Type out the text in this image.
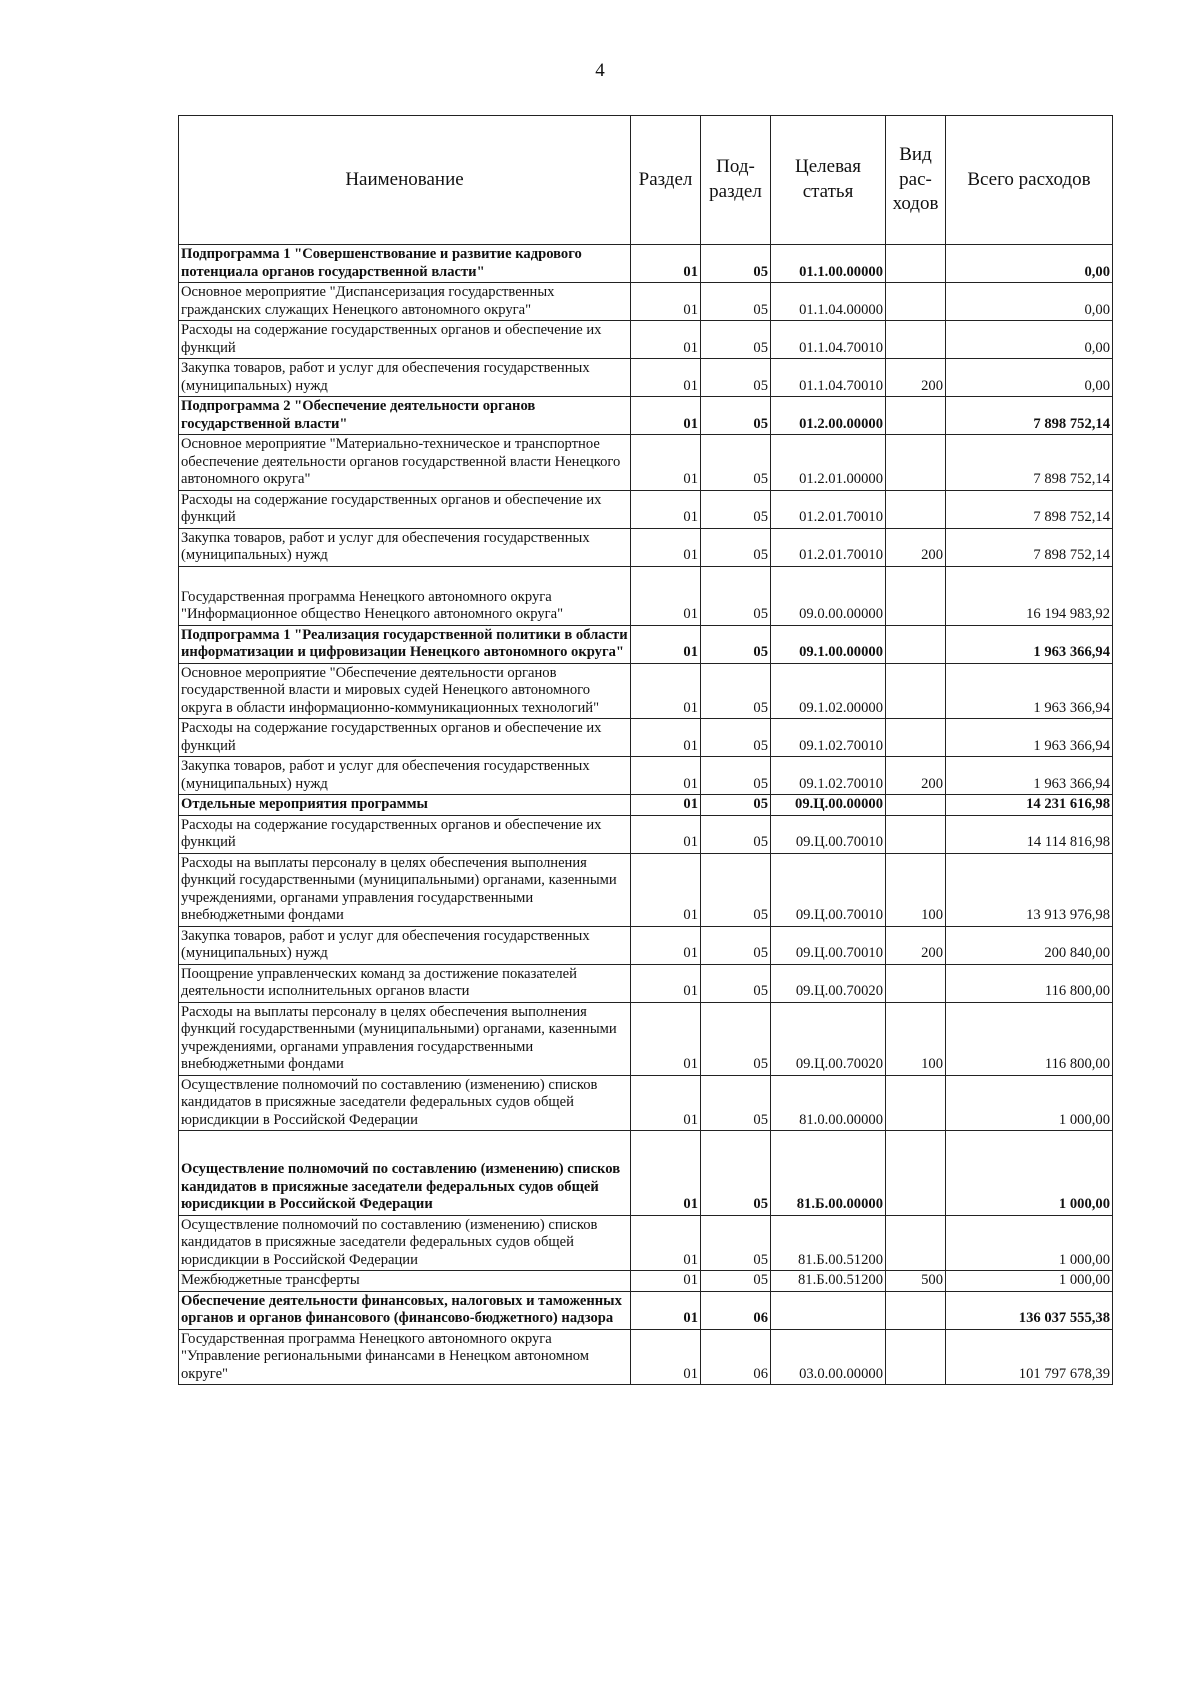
4
Наименование	Раздел	Под-раздел	Целевая статья	Вид рас-ходов	Всего расходов
Подпрограмма 1 "Совершенствование и развитие кадрового потенциала органов государственной власти"	01	05	01.1.00.00000		0,00
Основное мероприятие "Диспансеризация государственных гражданских служащих Ненецкого автономного округа"	01	05	01.1.04.00000		0,00
Расходы на содержание государственных органов и обеспечение их функций	01	05	01.1.04.70010		0,00
Закупка товаров, работ и услуг для обеспечения государственных (муниципальных) нужд	01	05	01.1.04.70010	200	0,00
Подпрограмма 2 "Обеспечение деятельности органов государственной власти"	01	05	01.2.00.00000		7 898 752,14
Основное мероприятие "Материально-техническое и транспортное обеспечение деятельности органов государственной власти Ненецкого автономного округа"	01	05	01.2.01.00000		7 898 752,14
Расходы на содержание государственных органов и обеспечение их функций	01	05	01.2.01.70010		7 898 752,14
Закупка товаров, работ и услуг для обеспечения государственных (муниципальных) нужд	01	05	01.2.01.70010	200	7 898 752,14
Государственная программа Ненецкого автономного округа "Информационное общество Ненецкого автономного округа"	01	05	09.0.00.00000		16 194 983,92
Подпрограмма 1 "Реализация государственной политики в области информатизации и цифровизации Ненецкого автономного округа"	01	05	09.1.00.00000		1 963 366,94
Основное мероприятие "Обеспечение деятельности органов государственной власти и мировых судей Ненецкого автономного округа в области информационно-коммуникационных технологий"	01	05	09.1.02.00000		1 963 366,94
Расходы на содержание государственных органов и обеспечение их функций	01	05	09.1.02.70010		1 963 366,94
Закупка товаров, работ и услуг для обеспечения государственных (муниципальных) нужд	01	05	09.1.02.70010	200	1 963 366,94
Отдельные мероприятия программы	01	05	09.Ц.00.00000		14 231 616,98
Расходы на содержание государственных органов и обеспечение их функций	01	05	09.Ц.00.70010		14 114 816,98
Расходы на выплаты персоналу в целях обеспечения выполнения функций государственными (муниципальными) органами, казенными учреждениями, органами управления государственными внебюджетными фондами	01	05	09.Ц.00.70010	100	13 913 976,98
Закупка товаров, работ и услуг для обеспечения государственных (муниципальных) нужд	01	05	09.Ц.00.70010	200	200 840,00
Поощрение управленческих команд за достижение показателей деятельности исполнительных органов власти	01	05	09.Ц.00.70020		116 800,00
Расходы на выплаты персоналу в целях обеспечения выполнения функций государственными (муниципальными) органами, казенными учреждениями, органами управления государственными внебюджетными фондами	01	05	09.Ц.00.70020	100	116 800,00
Осуществление полномочий по составлению (изменению) списков кандидатов в присяжные заседатели федеральных судов общей юрисдикции в Российской Федерации	01	05	81.0.00.00000		1 000,00
Осуществление полномочий по составлению (изменению) списков кандидатов в присяжные заседатели федеральных судов общей юрисдикции в Российской Федерации	01	05	81.Б.00.00000		1 000,00
Осуществление полномочий по составлению (изменению) списков кандидатов в присяжные заседатели федеральных судов общей юрисдикции в Российской Федерации	01	05	81.Б.00.51200		1 000,00
Межбюджетные трансферты	01	05	81.Б.00.51200	500	1 000,00
Обеспечение деятельности финансовых, налоговых и таможенных органов и органов финансового (финансово-бюджетного) надзора	01	06			136 037 555,38
Государственная программа Ненецкого автономного округа "Управление региональными финансами в Ненецком автономном округе"	01	06	03.0.00.00000		101 797 678,39
